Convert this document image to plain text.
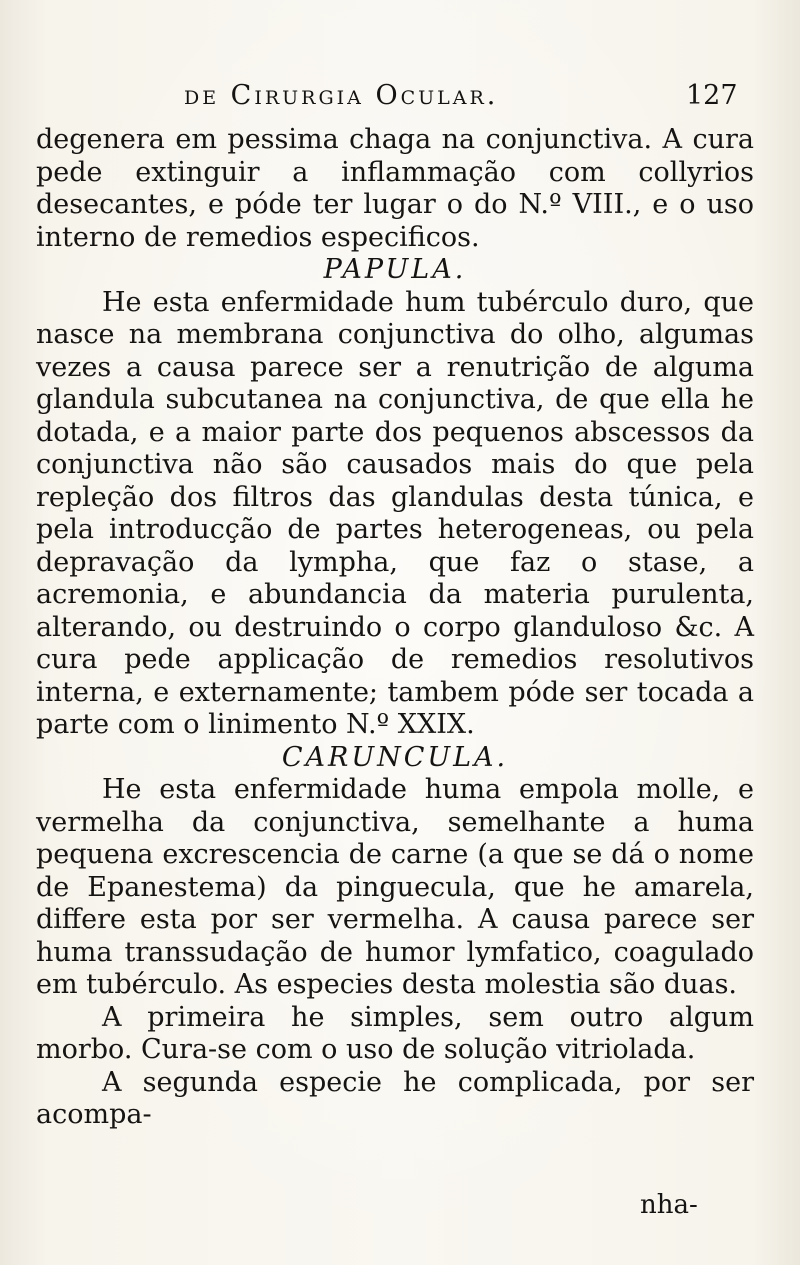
de Cirurgia Ocular.	127

degenera em pessima chaga na conjunctiva. A cura pede extinguir a inflammação com collyrios desecantes, e póde ter lugar o do N.º VIII., e o uso interno de remedios especificos.

PAPULA.

He esta enfermidade hum tubérculo duro, que nasce na membrana conjunctiva do olho, algumas vezes a causa parece ser a renutrição de alguma glandula subcutanea na conjunctiva, de que ella he dotada, e a maior parte dos pequenos abscessos da conjunctiva não são causados mais do que pela repleção dos filtros das glandulas desta túnica, e pela introducção de partes heterogeneas, ou pela depravação da lympha, que faz o stase, a acremonia, e abundancia da materia purulenta, alterando, ou destruindo o corpo glanduloso &c. A cura pede applicação de remedios resolutivos interna, e externamente; tambem póde ser tocada a parte com o linimento N.º XXIX.

CARUNCULA.

He esta enfermidade huma empola molle, e vermelha da conjunctiva, semelhante a huma pequena excrescencia de carne (a que se dá o nome de Epanestema) da pinguecula, que he amarela, differe esta por ser vermelha. A causa parece ser huma transsudação de humor lymfatico, coagulado em tubérculo. As especies desta molestia são duas.

A primeira he simples, sem outro algum morbo. Cura-se com o uso de solução vitriolada.

A segunda especie he complicada, por ser acompa-

nha-
